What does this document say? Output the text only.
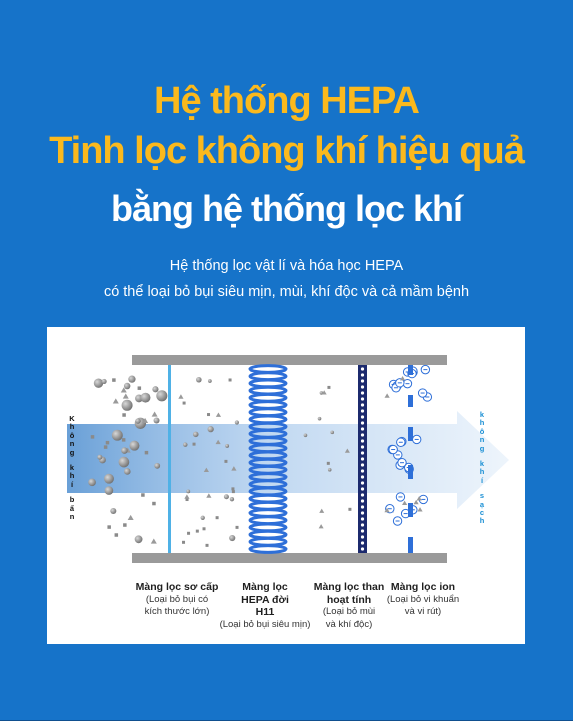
Hệ thống HEPA
Tinh lọc không khí hiệu quả
bằng hệ thống lọc khí
Hệ thống lọc vật lí và hóa học HEPA
có thể loại bỏ bụi siêu mịn, mùi, khí độc và cả mầm bệnh
K
h
ô
n
g
k
h
í
b
ẩ
n
k
h
ô
n
g
k
h
í
s
ạ
c
h
Màng lọc sơ cấp
(Loại bỏ bụi có kích thước lớn)
Màng lọc HEPA đời H11
(Loại bỏ bụi siêu mịn)
Màng lọc than hoạt tính
(Loại bỏ mùi và khí độc)
Màng lọc ion
(Loại bỏ vi khuẩn và vi rút)
